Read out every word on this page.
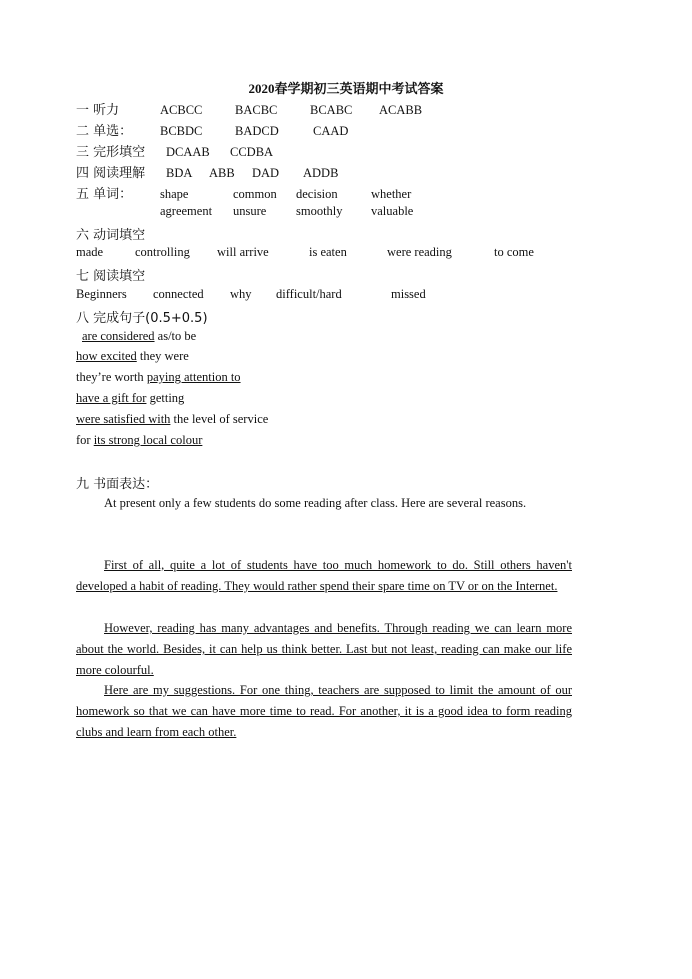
2020春学期初三英语期中考试答案
一 听力	ACBCC	BACBC	BCABC ACABB
二 单选： BCBDC	BADCD	CAAD
三 完形填空 DCAAB CCDBA
四 阅读理解 BDA ABB DAD ADDB
五 单词： shape	common decision	whether
agreement unsure smoothly valuable
六 动词填空
made	controlling will arrive	is eaten	were reading	to come
七 阅读填空
Beginners connected why difficult/hard	missed
八 完成句子(0.5+0.5)
are considered as/to be
how excited they were
they’re worth paying attention to
have a gift for getting
were satisfied with the level of service
for its strong local colour
九 书面表达：
At present only a few students do some reading after class. Here are several reasons.
First of all, quite a lot of students have too much homework to do. Still others haven't developed a habit of reading. They would rather spend their spare time on TV or on the Internet.
However, reading has many advantages and benefits. Through reading we can learn more about the world. Besides, it can help us think better. Last but not least, reading can make our life more colourful.
Here are my suggestions. For one thing, teachers are supposed to limit the amount of our homework so that we can have more time to read. For another, it is a good idea to form reading clubs and learn from each other.
